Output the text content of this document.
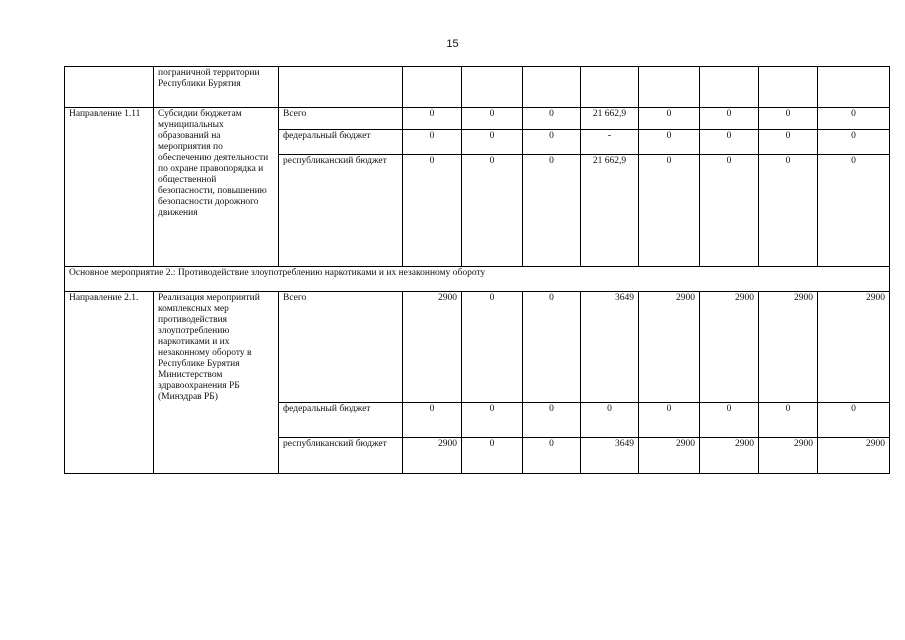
15
	пограничной территории Республики Бурятия									
Направление 1.11	Субсидии бюджетам муниципальных образований на мероприятия по обеспечению деятельности по охране правопорядка и общественной безопасности, повышению безопасности дорожного движения	Всего	0	0	0	21 662,9	0	0	0	0
		федеральный бюджет	0	0	0	-	0	0	0	0
		республиканский бюджет	0	0	0	21 662,9	0	0	0	0
Основное мероприятие 2.: Противодействие злоупотреблению наркотиками и их незаконному обороту										
Направление 2.1.	Реализация мероприятий комплексных мер противодействия злоупотреблению наркотиками и их незаконному обороту в Республике Бурятия Министерством здравоохранения РБ (Минздрав РБ)	Всего	2900	0	0	3649	2900	2900	2900	2900
		федеральный бюджет	0	0	0	0	0	0	0	0
		республиканский бюджет	2900	0	0	3649	2900	2900	2900	2900
